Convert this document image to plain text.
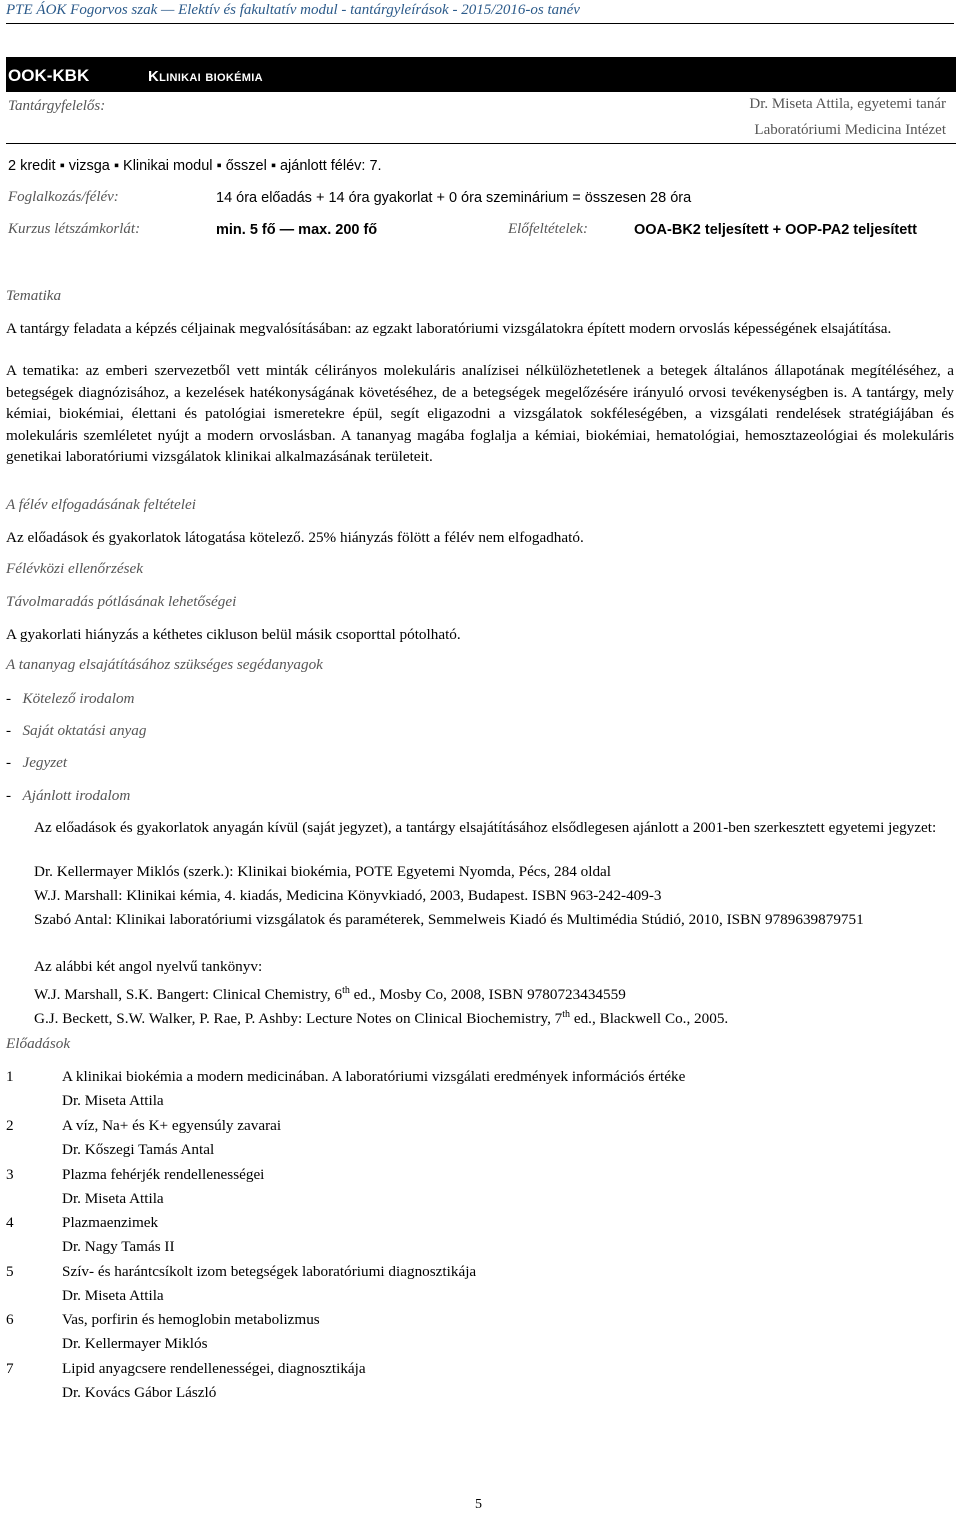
PTE ÁOK Fogorvos szak — Elektív és fakultatív modul - tantárgyleírások - 2015/2016-os tanév
OOK-KBK	Klinikai biokémia
Tantárgyfelelős:	Dr. Miseta Attila, egyetemi tanár
Laboratóriumi Medicina Intézet
2 kredit ▪ vizsga ▪ Klinikai modul ▪ ősszel ▪ ajánlott félév: 7.
Foglalkozás/félév:	14 óra előadás + 14 óra gyakorlat + 0 óra szeminárium = összesen 28 óra
Kurzus létszámkorlát:	min. 5 fő — max. 200 fő	Előfeltételek:	OOA-BK2 teljesített + OOP-PA2 teljesített
Tematika
A tantárgy feladata a képzés céljainak megvalósításában: az egzakt laboratóriumi vizsgálatokra épített modern orvoslás képességének elsajátítása.
A tematika: az emberi szervezetből vett minták célirányos molekuláris analízisei nélkülözhetetlenek a betegek általános állapotának megítéléséhez, a betegségek diagnózisához, a kezelések hatékonyságának követéséhez, de a betegségek megelőzésére irányuló orvosi tevékenységben is. A tantárgy, mely kémiai, biokémiai, élettani és patológiai ismeretekre épül, segít eligazodni a vizsgálatok sokféleségében, a vizsgálati rendelések stratégiájában és molekuláris szemléletet nyújt a modern orvoslásban. A tananyag magába foglalja a kémiai, biokémiai, hematológiai, hemosztazeológiai és molekuláris genetikai laboratóriumi vizsgálatok klinikai alkalmazásának területeit.
A félév elfogadásának feltételei
Az előadások és gyakorlatok látogatása kötelező. 25% hiányzás fölött a félév nem elfogadható.
Félévközi ellenőrzések
Távolmaradás pótlásának lehetőségei
A gyakorlati hiányzás a kéthetes cikluson belül másik csoporttal pótolható.
A tananyag elsajátításához szükséges segédanyagok
-   Kötelező irodalom
-   Saját oktatási anyag
-   Jegyzet
-   Ajánlott irodalom
Az előadások és gyakorlatok anyagán kívül (saját jegyzet), a tantárgy elsajátításához elsődlegesen ajánlott a 2001-ben szerkesztett egyetemi jegyzet:
Dr. Kellermayer Miklós (szerk.): Klinikai biokémia, POTE Egyetemi Nyomda, Pécs, 284 oldal
W.J. Marshall: Klinikai kémia, 4. kiadás, Medicina Könyvkiadó, 2003, Budapest. ISBN 963-242-409-3
Szabó Antal: Klinikai laboratóriumi vizsgálatok és paraméterek, Semmelweis Kiadó és Multimédia Stúdió, 2010, ISBN 9789639879751
Az alábbi két angol nyelvű tankönyv:
W.J. Marshall, S.K. Bangert: Clinical Chemistry, 6th ed., Mosby Co, 2008, ISBN 9780723434559
G.J. Beckett, S.W. Walker, P. Rae, P. Ashby: Lecture Notes on Clinical Biochemistry, 7th ed., Blackwell Co., 2005.
Előadások
1	A klinikai biokémia a modern medicinában. A laboratóriumi vizsgálati eredmények információs értéke
Dr. Miseta Attila
2	A víz, Na+ és K+ egyensúly zavarai
Dr. Kőszegi Tamás Antal
3	Plazma fehérjék rendellenességei
Dr. Miseta Attila
4	Plazmaenzimek
Dr. Nagy Tamás II
5	Szív- és harántcsíkolt izom betegségek laboratóriumi diagnosztikája
Dr. Miseta Attila
6	Vas, porfirin és hemoglobin metabolizmus
Dr. Kellermayer Miklós
7	Lipid anyagcsere rendellenességei, diagnosztikája
Dr. Kovács Gábor László
5
